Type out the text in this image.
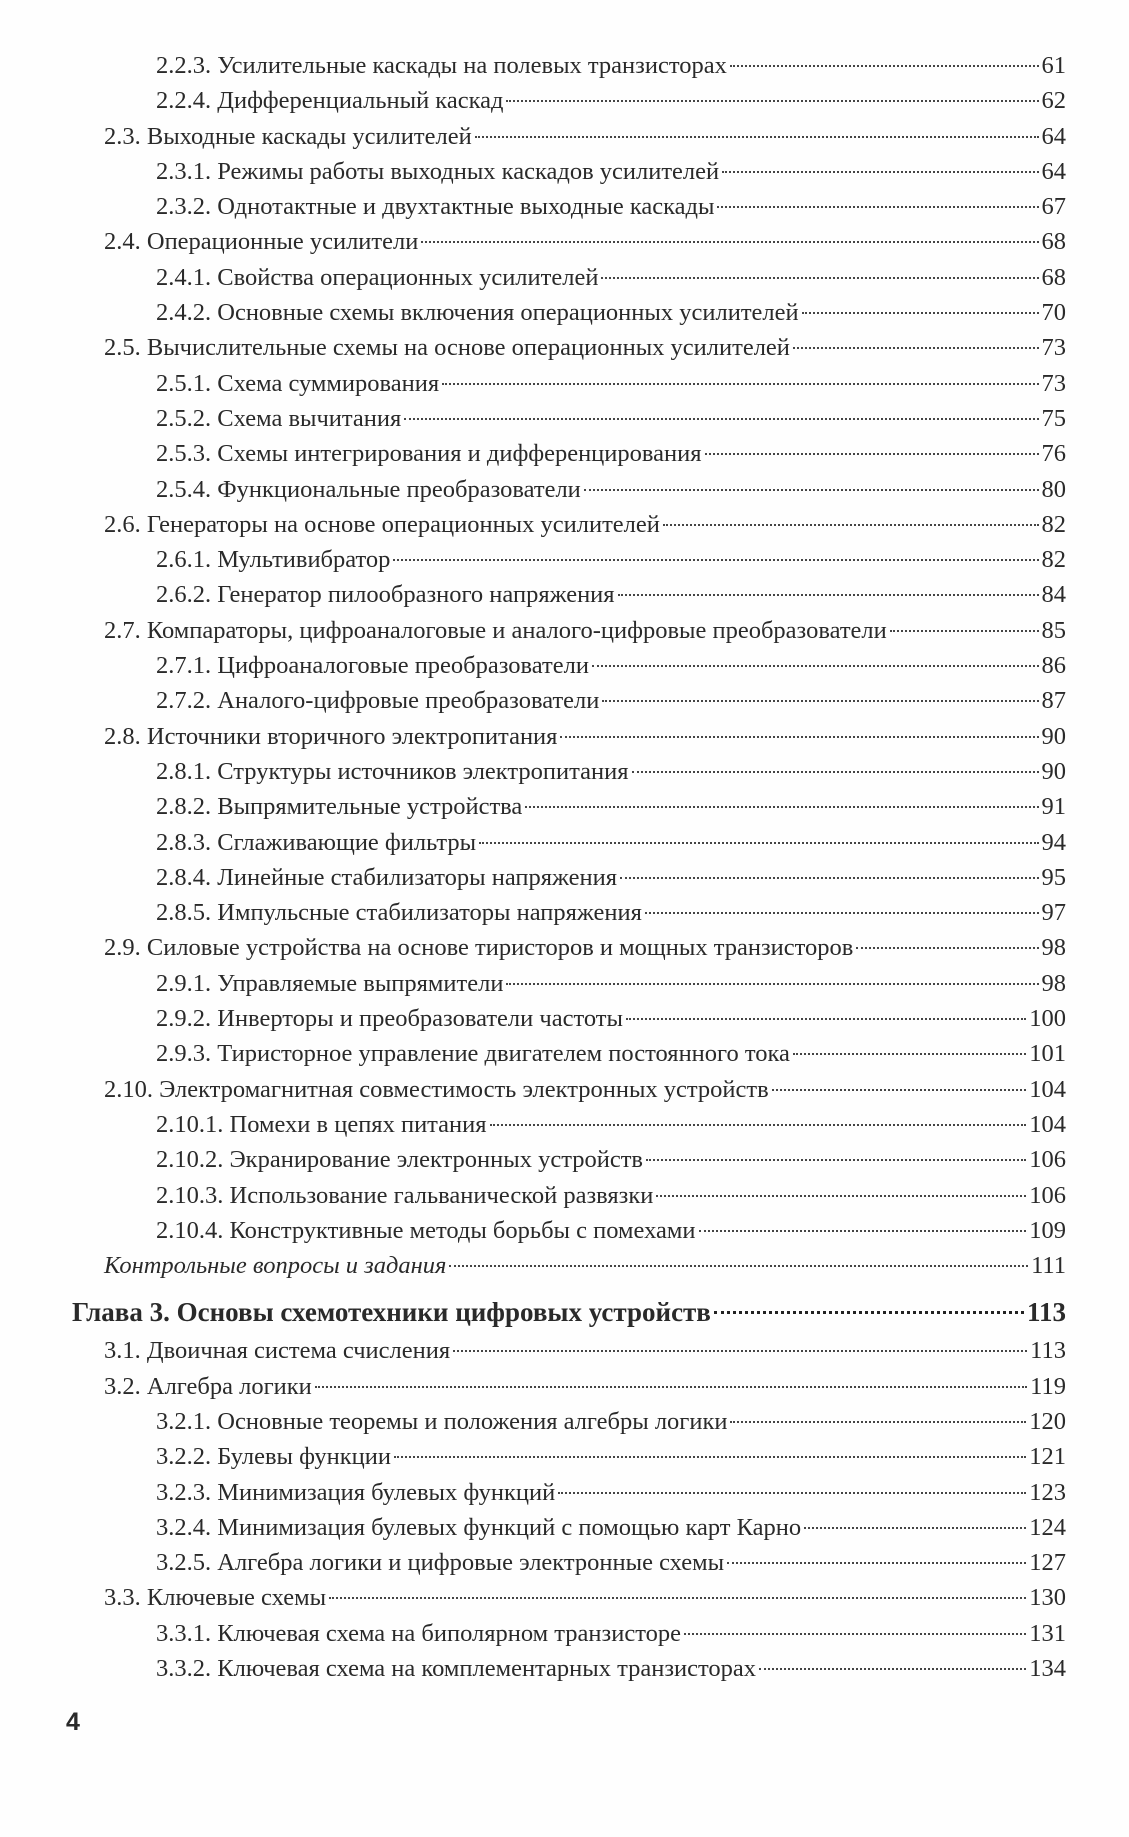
2.2.3. Усилительные каскады на полевых транзисторах	61
2.2.4. Дифференциальный каскад	62
2.3. Выходные каскады усилителей	64
2.3.1. Режимы работы выходных каскадов усилителей	64
2.3.2. Однотактные и двухтактные выходные каскады	67
2.4. Операционные усилители	68
2.4.1. Свойства операционных усилителей	68
2.4.2. Основные схемы включения операционных усилителей	70
2.5. Вычислительные схемы на основе операционных усилителей	73
2.5.1. Схема суммирования	73
2.5.2. Схема вычитания	75
2.5.3. Схемы интегрирования и дифференцирования	76
2.5.4. Функциональные преобразователи	80
2.6. Генераторы на основе операционных усилителей	82
2.6.1. Мультивибратор	82
2.6.2. Генератор пилообразного напряжения	84
2.7. Компараторы, цифроаналоговые и аналого-цифровые преобразователи	85
2.7.1. Цифроаналоговые преобразователи	86
2.7.2. Аналого-цифровые преобразователи	87
2.8. Источники вторичного электропитания	90
2.8.1. Структуры источников электропитания	90
2.8.2. Выпрямительные устройства	91
2.8.3. Сглаживающие фильтры	94
2.8.4. Линейные стабилизаторы напряжения	95
2.8.5. Импульсные стабилизаторы напряжения	97
2.9. Силовые устройства на основе тиристоров и мощных транзисторов	98
2.9.1. Управляемые выпрямители	98
2.9.2. Инверторы и преобразователи частоты	100
2.9.3. Тиристорное управление двигателем постоянного тока	101
2.10. Электромагнитная совместимость электронных устройств	104
2.10.1. Помехи в цепях питания	104
2.10.2. Экранирование электронных устройств	106
2.10.3. Использование гальванической развязки	106
2.10.4. Конструктивные методы борьбы с помехами	109
Контрольные вопросы и задания	111
Глава 3. Основы схемотехники цифровых устройств	113
3.1. Двоичная система счисления	113
3.2. Алгебра логики	119
3.2.1. Основные теоремы и положения алгебры логики	120
3.2.2. Булевы функции	121
3.2.3. Минимизация булевых функций	123
3.2.4. Минимизация булевых функций с помощью карт Карно	124
3.2.5. Алгебра логики и цифровые электронные схемы	127
3.3. Ключевые схемы	130
3.3.1. Ключевая схема на биполярном транзисторе	131
3.3.2. Ключевая схема на комплементарных транзисторах	134
4
